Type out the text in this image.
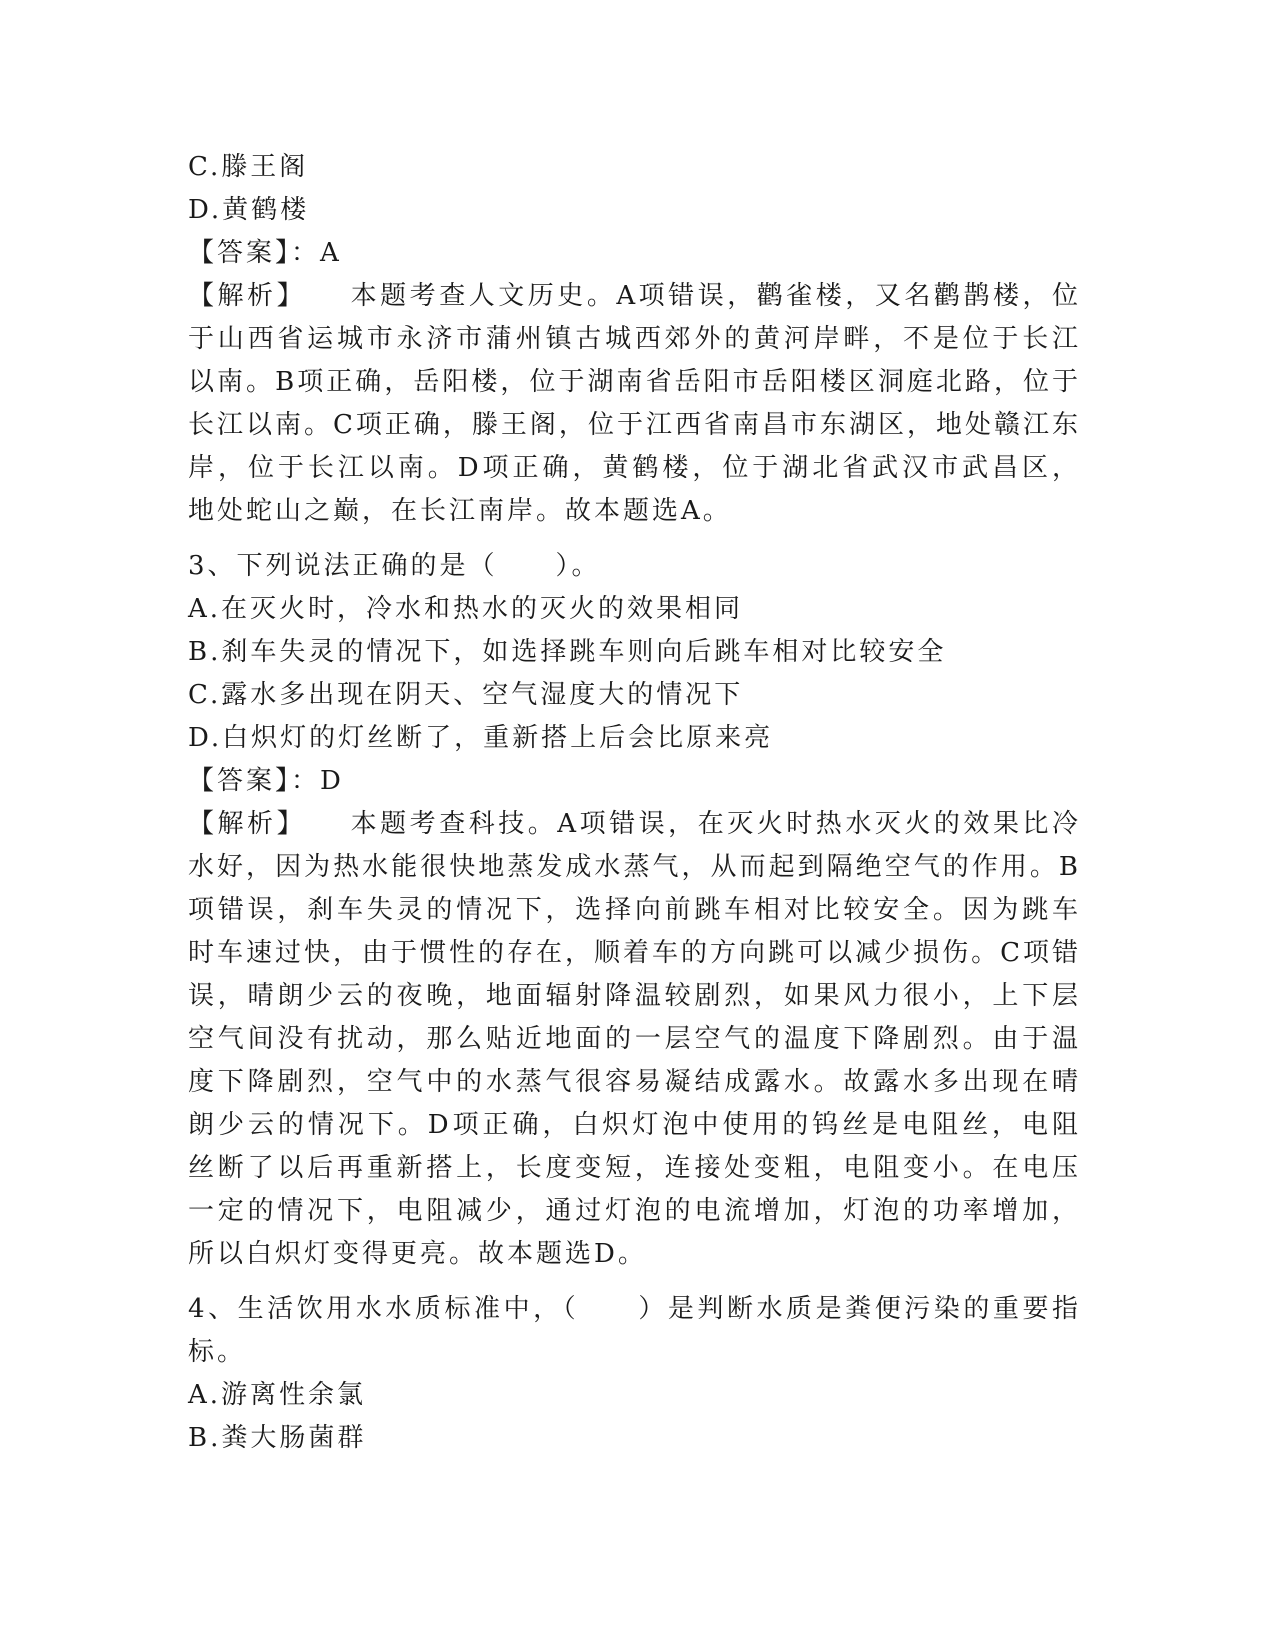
C.滕王阁
D.黄鹤楼
【答案】：A
【解析】 本题考查人文历史。A项错误，鹳雀楼，又名鹳鹊楼，位于山西省运城市永济市蒲州镇古城西郊外的黄河岸畔，不是位于长江以南。B项正确，岳阳楼，位于湖南省岳阳市岳阳楼区洞庭北路，位于长江以南。C项正确，滕王阁，位于江西省南昌市东湖区，地处赣江东岸，位于长江以南。D项正确，黄鹤楼，位于湖北省武汉市武昌区，地处蛇山之巅，在长江南岸。故本题选A。
3、下列说法正确的是（　　）。
A.在灭火时，冷水和热水的灭火的效果相同
B.刹车失灵的情况下，如选择跳车则向后跳车相对比较安全
C.露水多出现在阴天、空气湿度大的情况下
D.白炽灯的灯丝断了，重新搭上后会比原来亮
【答案】：D
【解析】 本题考查科技。A项错误，在灭火时热水灭火的效果比冷水好，因为热水能很快地蒸发成水蒸气，从而起到隔绝空气的作用。B项错误，刹车失灵的情况下，选择向前跳车相对比较安全。因为跳车时车速过快，由于惯性的存在，顺着车的方向跳可以减少损伤。C项错误，晴朗少云的夜晚，地面辐射降温较剧烈，如果风力很小，上下层空气间没有扰动，那么贴近地面的一层空气的温度下降剧烈。由于温度下降剧烈，空气中的水蒸气很容易凝结成露水。故露水多出现在晴朗少云的情况下。D项正确，白炽灯泡中使用的钨丝是电阻丝，电阻丝断了以后再重新搭上，长度变短，连接处变粗，电阻变小。在电压一定的情况下，电阻减少，通过灯泡的电流增加，灯泡的功率增加，所以白炽灯变得更亮。故本题选D。
4、生活饮用水水质标准中，（　　）是判断水质是粪便污染的重要指标。
A.游离性余氯
B.粪大肠菌群
